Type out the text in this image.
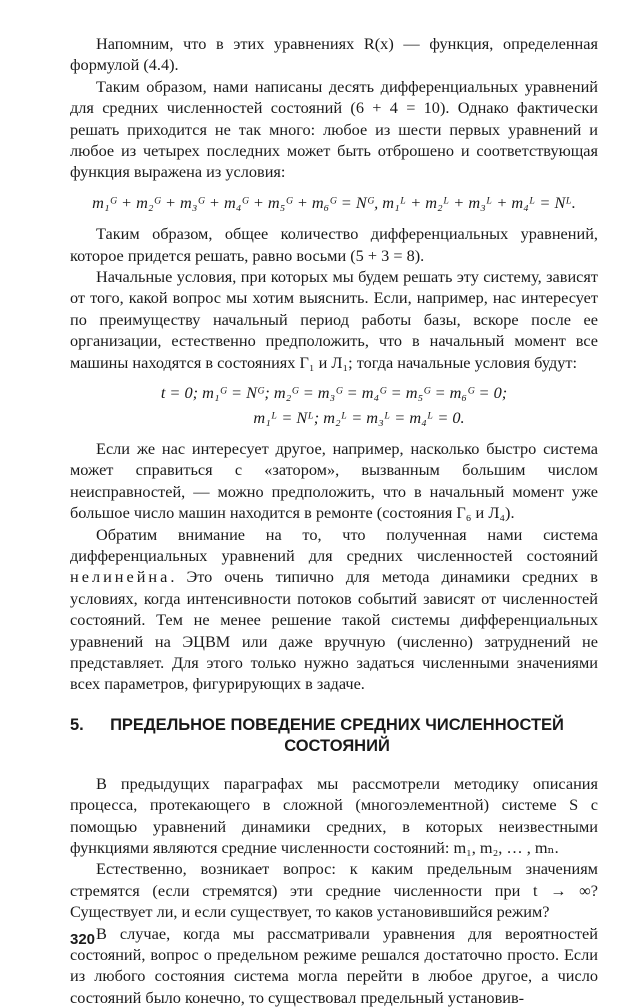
Напомним, что в этих уравнениях R(x) — функция, определенная формулой (4.4).

Таким образом, нами написаны десять дифференциальных уравнений для средних численностей состояний (6 + 4 = 10). Однако фактически решать приходится не так много: любое из шести первых уравнений и любое из четырех последних может быть отброшено и соответствующая функция выражена из условия:

m₁ᴳ + m₂ᴳ + m₃ᴳ + m₄ᴳ + m₅ᴳ + m₆ᴳ = Nᴳ, m₁ᴸ + m₂ᴸ + m₃ᴸ + m₄ᴸ = Nᴸ.

Таким образом, общее количество дифференциальных уравнений, которое придется решать, равно восьми (5 + 3 = 8).

Начальные условия, при которых мы будем решать эту систему, зависят от того, какой вопрос мы хотим выяснить. Если, например, нас интересует по преимуществу начальный период работы базы, вскоре после ее организации, естественно предположить, что в начальный момент все машины находятся в состояниях Г₁ и Л₁; тогда начальные условия будут:

t = 0; m₁ᴳ = Nᴳ; m₂ᴳ = m₃ᴳ = m₄ᴳ = m₅ᴳ = m₆ᴳ = 0;
m₁ᴸ = Nᴸ; m₂ᴸ = m₃ᴸ = m₄ᴸ = 0.

Если же нас интересует другое, например, насколько быстро система может справиться с «затором», вызванным большим числом неисправностей, — можно предположить, что в начальный момент уже большое число машин находится в ремонте (состояния Г₆ и Л₄).

Обратим внимание на то, что полученная нами система дифференциальных уравнений для средних численностей состояний нелинейна. Это очень типично для метода динамики средних в условиях, когда интенсивности потоков событий зависят от численностей состояний. Тем не менее решение такой системы дифференциальных уравнений на ЭЦВМ или даже вручную (численно) затруднений не представляет. Для этого только нужно задаться численными значениями всех параметров, фигурирующих в задаче.

5.	ПРЕДЕЛЬНОЕ ПОВЕДЕНИЕ СРЕДНИХ ЧИСЛЕННОСТЕЙ СОСТОЯНИЙ

В предыдущих параграфах мы рассмотрели методику описания процесса, протекающего в сложной (многоэлементной) системе S с помощью уравнений динамики средних, в которых неизвестными функциями являются средние численности состояний: m₁, m₂, … , mₙ.

Естественно, возникает вопрос: к каким предельным значениям стремятся (если стремятся) эти средние численности при t → ∞? Существует ли, и если существует, то каков установившийся режим?

В случае, когда мы рассматривали уравнения для вероятностей состояний, вопрос о предельном режиме решался достаточно просто. Если из любого состояния система могла перейти в любое другое, а число состояний было конечно, то существовал предельный установив-

320
